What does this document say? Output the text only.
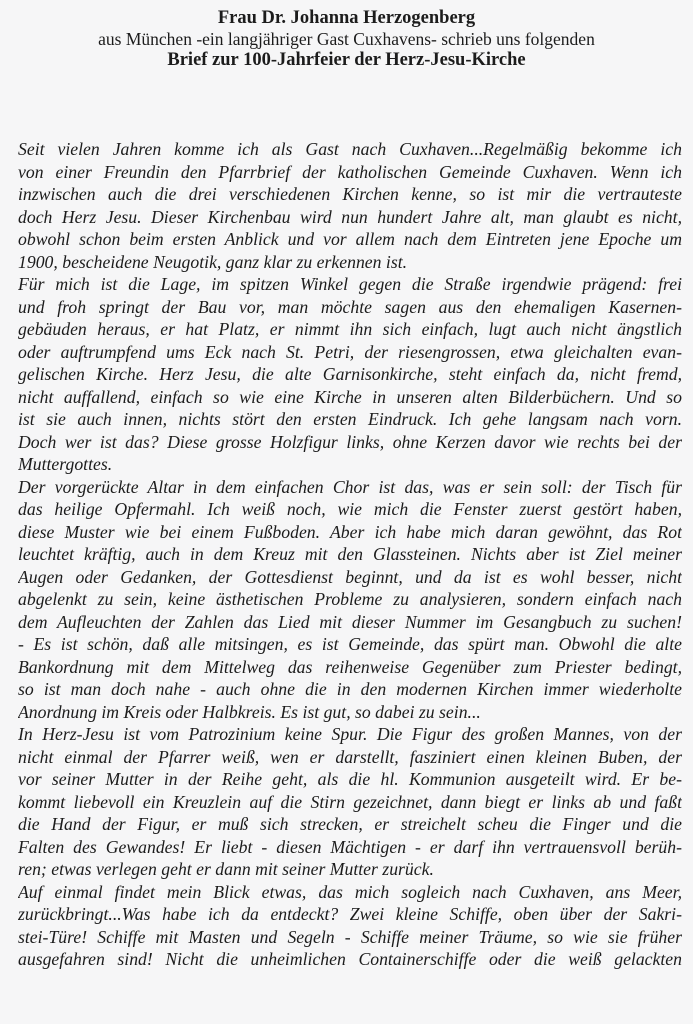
Frau Dr. Johanna Herzogenberg
aus München -ein langjähriger Gast Cuxhavens- schrieb uns folgenden
Brief zur 100-Jahrfeier der Herz-Jesu-Kirche
Seit vielen Jahren komme ich als Gast nach Cuxhaven...Regelmäßig bekomme ich
von einer Freundin den Pfarrbrief der katholischen Gemeinde Cuxhaven. Wenn ich
inzwischen auch die drei verschiedenen Kirchen kenne, so ist mir die vertrauteste
doch Herz Jesu. Dieser Kirchenbau wird nun hundert Jahre alt, man glaubt es nicht,
obwohl schon beim ersten Anblick und vor allem nach dem Eintreten jene Epoche um
1900, bescheidene Neugotik, ganz klar zu erkennen ist.
Für mich ist die Lage, im spitzen Winkel gegen die Straße irgendwie prägend: frei
und froh springt der Bau vor, man möchte sagen aus den ehemaligen Kasernen-
gebäuden heraus, er hat Platz, er nimmt ihn sich einfach, lugt auch nicht ängstlich
oder auftrumpfend ums Eck nach St. Petri, der riesengrossen, etwa gleichalten evan-
gelischen Kirche. Herz Jesu, die alte Garnisonkirche, steht einfach da, nicht fremd,
nicht auffallend, einfach so wie eine Kirche in unseren alten Bilderbüchern. Und so
ist sie auch innen, nichts stört den ersten Eindruck. Ich gehe langsam nach vorn.
Doch wer ist das? Diese grosse Holzfigur links, ohne Kerzen davor wie rechts bei der
Muttergottes.
Der vorgerückte Altar in dem einfachen Chor ist das, was er sein soll: der Tisch für
das heilige Opfermahl. Ich weiß noch, wie mich die Fenster zuerst gestört haben,
diese Muster wie bei einem Fußboden. Aber ich habe mich daran gewöhnt, das Rot
leuchtet kräftig, auch in dem Kreuz mit den Glassteinen. Nichts aber ist Ziel meiner
Augen oder Gedanken, der Gottesdienst beginnt, und da ist es wohl besser, nicht
abgelenkt zu sein, keine ästhetischen Probleme zu analysieren, sondern einfach nach
dem Aufleuchten der Zahlen das Lied mit dieser Nummer im Gesangbuch zu suchen!
- Es ist schön, daß alle mitsingen, es ist Gemeinde, das spürt man. Obwohl die alte
Bankordnung mit dem Mittelweg das reihenweise Gegenüber zum Priester bedingt,
so ist man doch nahe - auch ohne die in den modernen Kirchen immer wiederholte
Anordnung im Kreis oder Halbkreis. Es ist gut, so dabei zu sein...
In Herz-Jesu ist vom Patrozinium keine Spur. Die Figur des großen Mannes, von der
nicht einmal der Pfarrer weiß, wen er darstellt, fasziniert einen kleinen Buben, der
vor seiner Mutter in der Reihe geht, als die hl. Kommunion ausgeteilt wird. Er be-
kommt liebevoll ein Kreuzlein auf die Stirn gezeichnet, dann biegt er links ab und faßt
die Hand der Figur, er muß sich strecken, er streichelt scheu die Finger und die
Falten des Gewandes! Er liebt - diesen Mächtigen - er darf ihn vertrauensvoll berüh-
ren; etwas verlegen geht er dann mit seiner Mutter zurück.
Auf einmal findet mein Blick etwas, das mich sogleich nach Cuxhaven, ans Meer,
zurückbringt...Was habe ich da entdeckt? Zwei kleine Schiffe, oben über der Sakri-
stei-Türe! Schiffe mit Masten und Segeln - Schiffe meiner Träume, so wie sie früher
ausgefahren sind! Nicht die unheimlichen Containerschiffe oder die weiß gelackten
